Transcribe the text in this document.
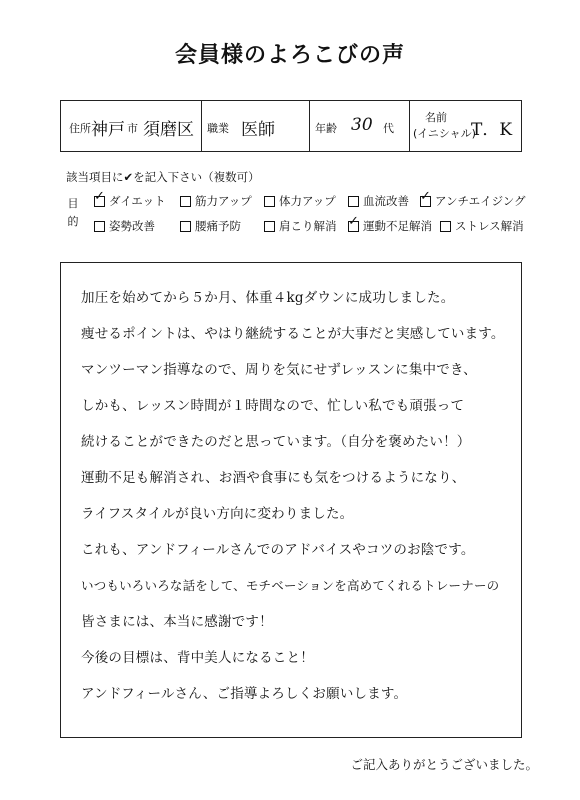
会員様のよろこびの声
住所 神戸 市 須磨区 職業 医師	年齢 30 代
名前
(イニシャル)
T．K
該当項目に✔を記入下さい（複数可）
目
的
✓
ダイエット	筋力アップ 体力アップ 血流改善 ✓ アンチエイジング
姿勢改善	腰痛予防	肩こり解消 ✓ 運動不足解消 ストレス解消
加圧を始めてから５か月、体重４kgダウンに成功しました。
痩せるポイントは、やはり継続することが大事だと実感しています。
マンツーマン指導なので、周りを気にせずレッスンに集中でき、
しかも、レッスン時間が１時間なので、忙しい私でも頑張って
続けることができたのだと思っています。（自分を褒めたい！）
運動不足も解消され、お酒や食事にも気をつけるようになり、
ライフスタイルが良い方向に変わりました。
これも、アンドフィールさんでのアドバイスやコツのお陰です。
いつもいろいろな話をして、モチベーションを高めてくれるトレーナーの
皆さまには、本当に感謝です！
今後の目標は、背中美人になること！
アンドフィールさん、ご指導よろしくお願いします。
ご記入ありがとうございました。
